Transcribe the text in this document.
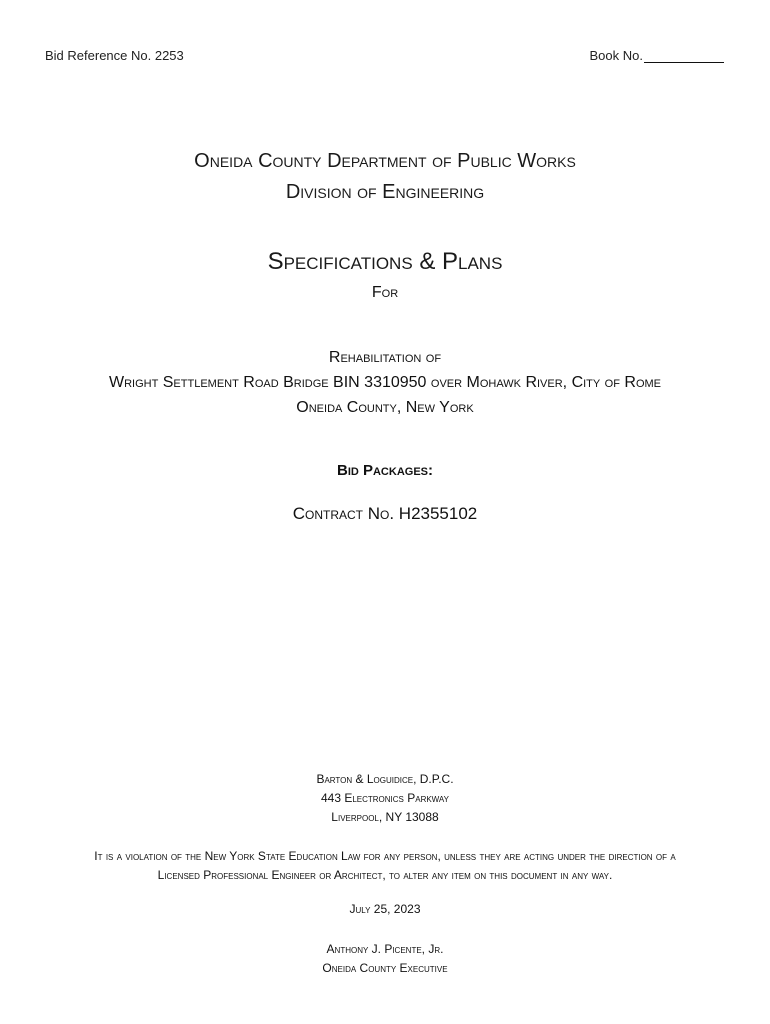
Bid Reference No. 2253	Book No.
Oneida County Department of Public Works
Division of Engineering
Specifications & Plans
For
Rehabilitation of
Wright Settlement Road Bridge BIN 3310950 over Mohawk River, City of Rome
Oneida County, New York
Bid Packages:
Contract No. H2355102
Barton & Loguidice, D.P.C.
443 Electronics Parkway
Liverpool, NY 13088
It is a violation of the New York State Education Law for any person, unless they are acting under the direction of a
Licensed Professional Engineer or Architect, to alter any item on this document in any way.
July 25, 2023
Anthony J. Picente, Jr.
Oneida County Executive
